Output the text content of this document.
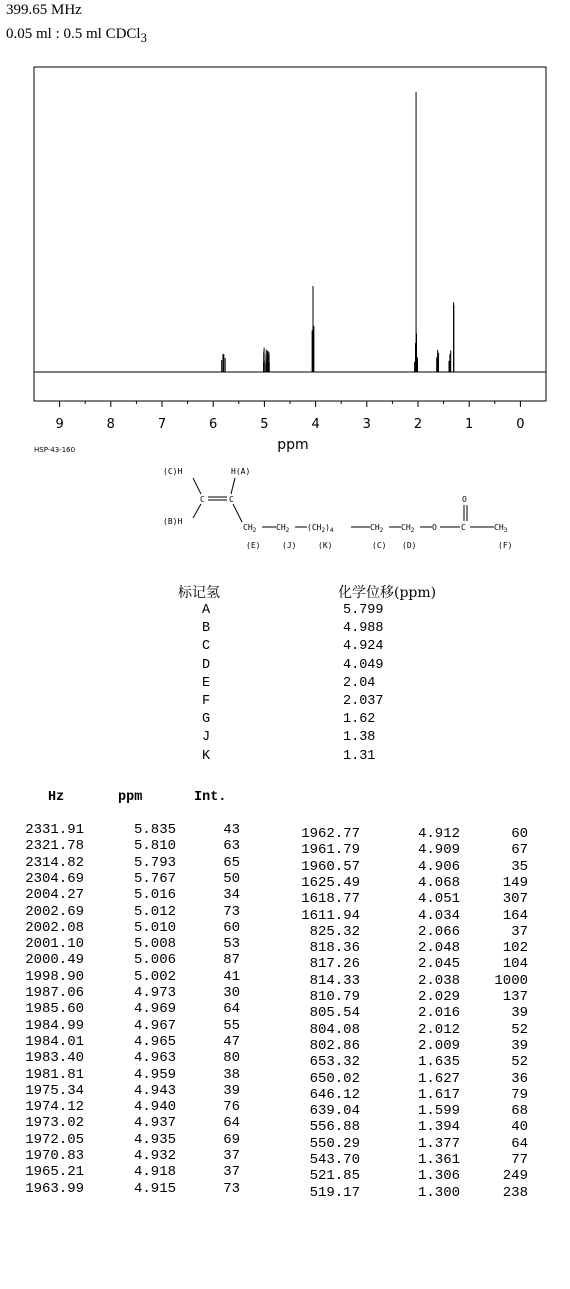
399.65 MHz
0.05 ml : 0.5 ml CDCl$_3$
9	8	7	6	5	4	3	2	1	0
ppm
HSP-43-160
(C)H	H(A)
C	C
(B)H
$CH_2$ $CH_2$ $(CH_2)_4$	$CH_2$ $CH_2$ O	C
O
$CH_3$
(E)	(J)	(K)	(C) (D)	(F)
标记氢	化学位移(ppm)
A	5.799
B	4.988
C	4.924
D	4.049
E	2.04
F	2.037
G	1.62
J	1.38
K	1.31
Hz	ppm	Int.
2331.91	5.835	43
2321.78	5.810	63
2314.82	5.793	65
2304.69	5.767	50
2004.27	5.016	34
2002.69	5.012	73
2002.08	5.010	60
2001.10	5.008	53
2000.49	5.006	87
1998.90	5.002	41
1987.06	4.973	30
1985.60	4.969	64
1984.99	4.967	55
1984.01	4.965	47
1983.40	4.963	80
1981.81	4.959	38
1975.34	4.943	39
1974.12	4.940	76
1973.02	4.937	64
1972.05	4.935	69
1970.83	4.932	37
1965.21	4.918	37
1963.99	4.915	73
1962.77	4.912	60
1961.79	4.909	67
1960.57	4.906	35
1625.49	4.068	149
1618.77	4.051	307
1611.94	4.034	164
825.32	2.066	37
818.36	2.048	102
817.26	2.045	104
814.33	2.038	1000
810.79	2.029	137
805.54	2.016	39
804.08	2.012	52
802.86	2.009	39
653.32	1.635	52
650.02	1.627	36
646.12	1.617	79
639.04	1.599	68
556.88	1.394	40
550.29	1.377	64
543.70	1.361	77
521.85	1.306	249
519.17	1.300	238
